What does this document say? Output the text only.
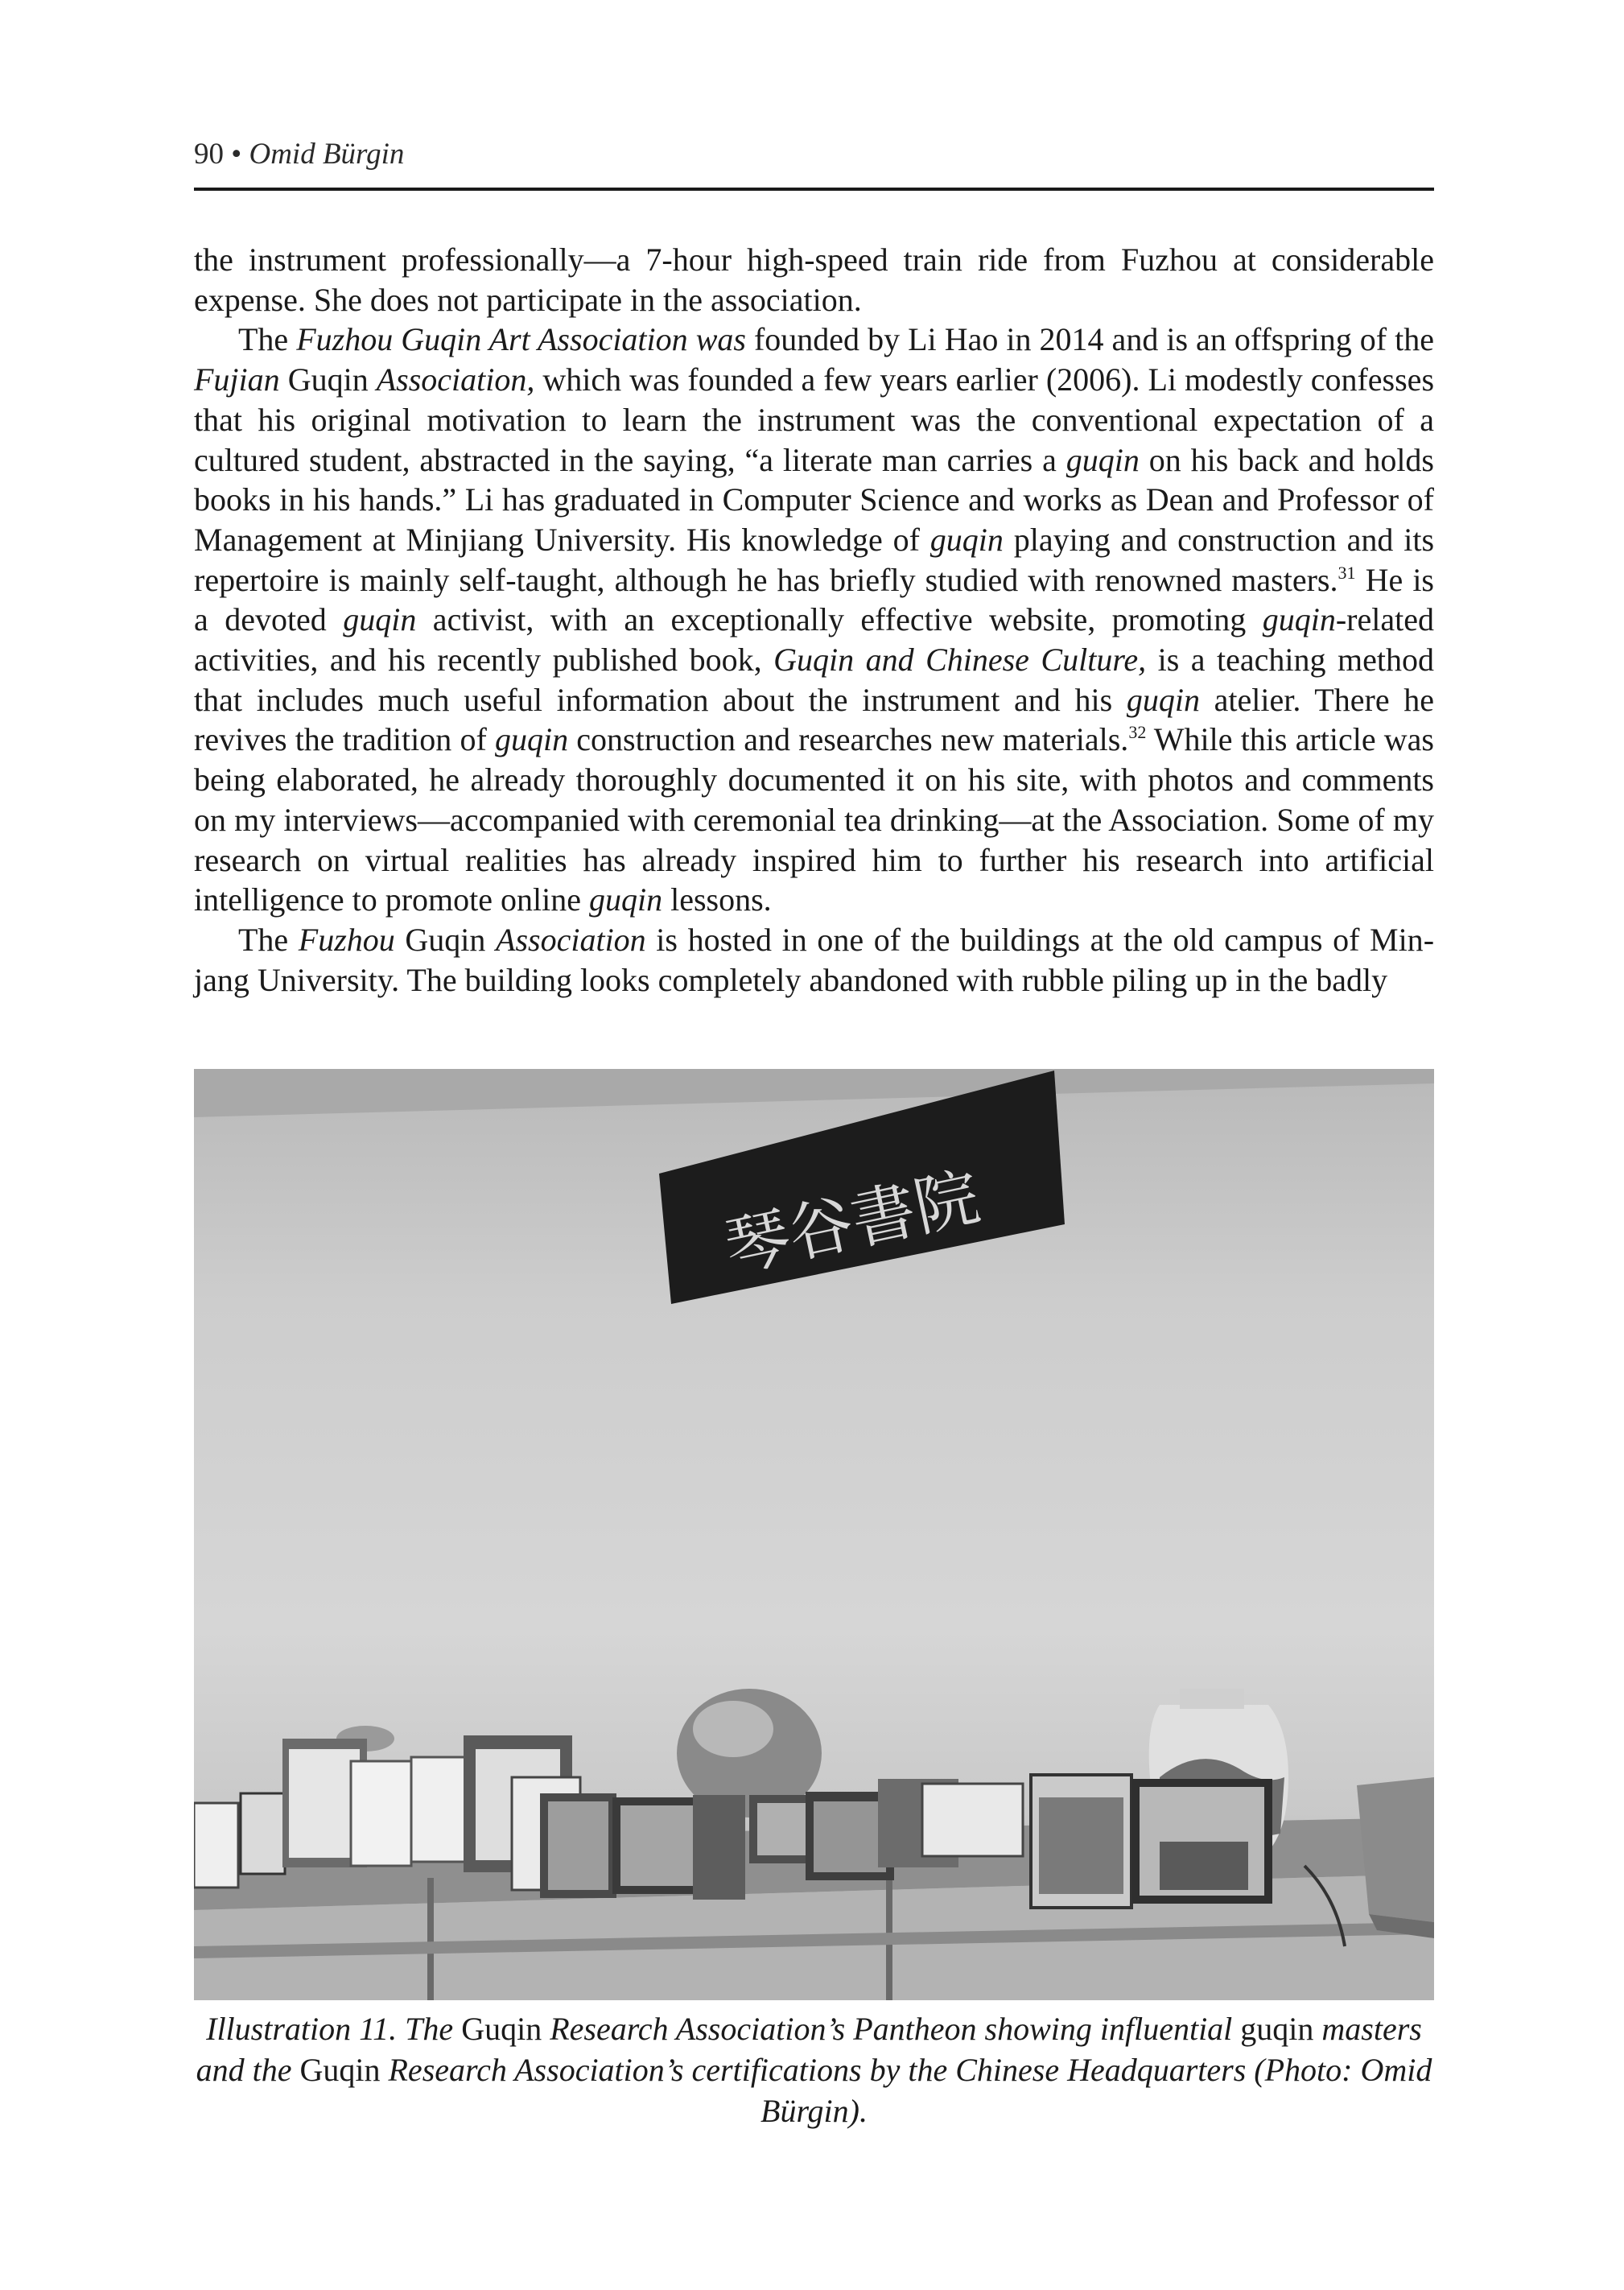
90 • Omid Bürgin

the instrument professionally—a 7-hour high-speed train ride from Fuzhou at considerable expense. She does not participate in the association.

The Fuzhou Guqin Art Association was founded by Li Hao in 2014 and is an offspring of the Fujian Guqin Association, which was founded a few years earlier (2006). Li modestly confesses that his original motivation to learn the instrument was the conventional expectation of a cultured student, abstracted in the saying, “a literate man carries a guqin on his back and holds books in his hands.” Li has graduated in Computer Science and works as Dean and Professor of Management at Minjiang University. His knowledge of guqin playing and construction and its repertoire is mainly self-taught, although he has briefly studied with renowned masters.$^{31}$ He is a devoted guqin activist, with an exceptionally effective website, promoting guqin-related activities, and his recently published book, Guqin and Chinese Culture, is a teaching method that includes much useful information about the instrument and his guqin atelier. There he revives the tradition of guqin construction and researches new materials.$^{32}$ While this article was being elaborated, he already thoroughly documented it on his site, with photos and comments on my interviews—accompanied with ceremonial tea drinking—at the Association. Some of my research on virtual realities has already inspired him to further his research into artificial intelligence to promote online guqin lessons.

The Fuzhou Guqin Association is hosted in one of the buildings at the old campus of Minjang University. The building looks completely abandoned with rubble piling up in the badly

琴谷書院
Illustration 11. The Guqin Research Association’s Pantheon showing influential guqin masters and the Guqin Research Association’s certifications by the Chinese Headquarters (Photo: Omid Bürgin).
